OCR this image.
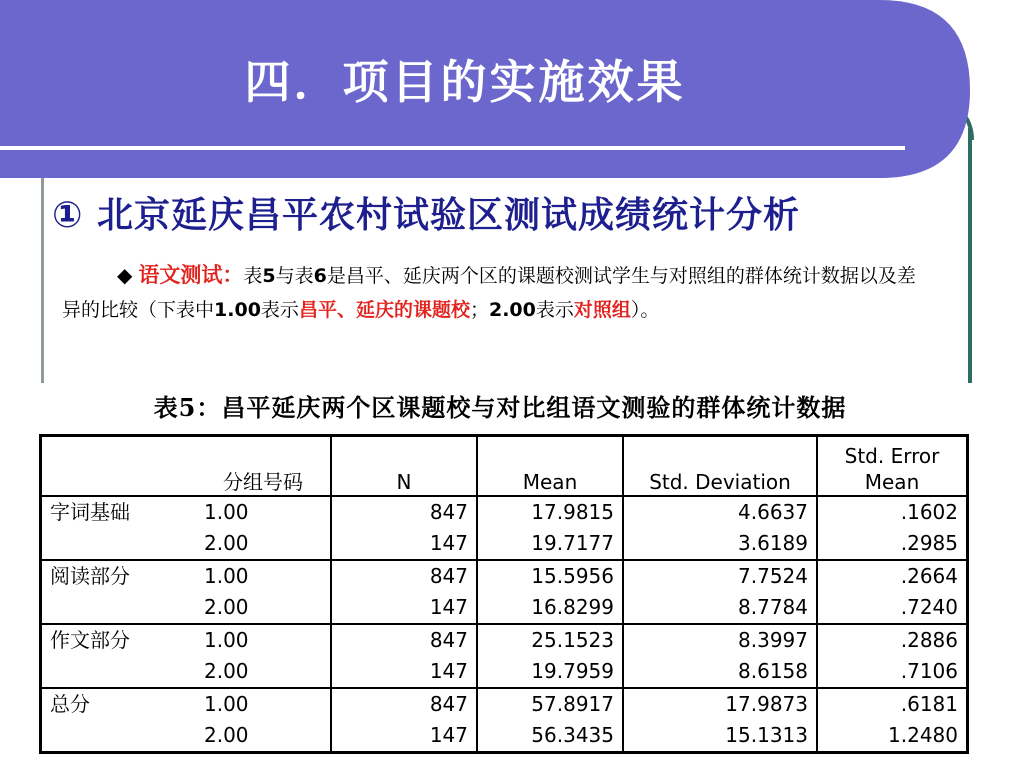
四．项目的实施效果
① 北京延庆昌平农村试验区测试成绩统计分析
◆ 语文测试：表5与表6是昌平、延庆两个区的课题校测试学生与对照组的群体统计数据以及差异的比较（下表中1.00表示昌平、延庆的课题校；2.00表示对照组）。
表5：昌平延庆两个区课题校与对比组语文测验的群体统计数据
	分组号码	N	Mean	Std. Deviation	Std. Error
Mean
字词基础	1.00	847	17.9815	4.6637	.1602
	2.00	147	19.7177	3.6189	.2985
阅读部分	1.00	847	15.5956	7.7524	.2664
	2.00	147	16.8299	8.7784	.7240
作文部分	1.00	847	25.1523	8.3997	.2886
	2.00	147	19.7959	8.6158	.7106
总分	1.00	847	57.8917	17.9873	.6181
	2.00	147	56.3435	15.1313	1.2480
